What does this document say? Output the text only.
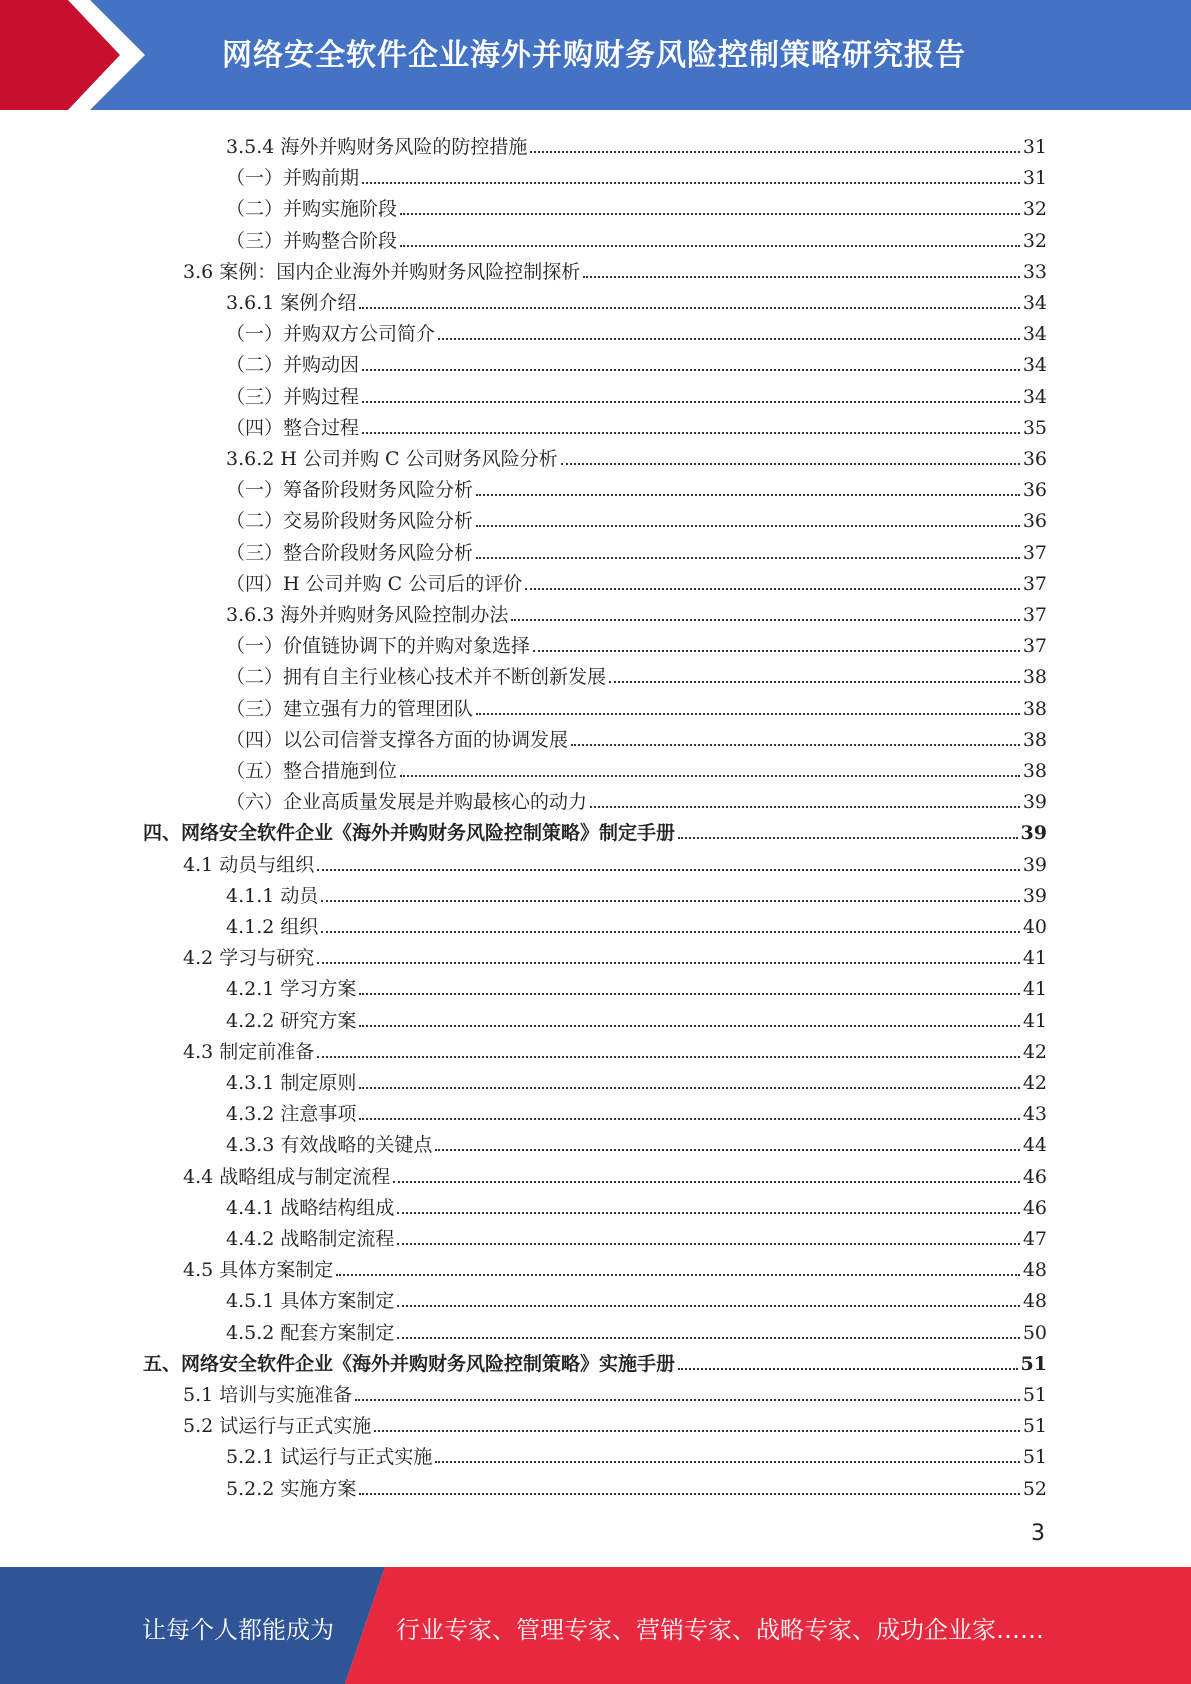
网络安全软件企业海外并购财务风险控制策略研究报告
3.5.4 海外并购财务风险的防控措施	31
（一）并购前期	31
（二）并购实施阶段	32
（三）并购整合阶段	32
3.6 案例：国内企业海外并购财务风险控制探析	33
3.6.1 案例介绍	34
（一）并购双方公司简介	34
（二）并购动因	34
（三）并购过程	34
（四）整合过程	35
3.6.2 H 公司并购 C 公司财务风险分析	36
（一）筹备阶段财务风险分析	36
（二）交易阶段财务风险分析	36
（三）整合阶段财务风险分析	37
（四）H 公司并购 C 公司后的评价	37
3.6.3 海外并购财务风险控制办法	37
（一）价值链协调下的并购对象选择	37
（二）拥有自主行业核心技术并不断创新发展	38
（三）建立强有力的管理团队	38
（四）以公司信誉支撑各方面的协调发展	38
（五）整合措施到位	38
（六）企业高质量发展是并购最核心的动力	39
四、网络安全软件企业《海外并购财务风险控制策略》制定手册	39
4.1 动员与组织	39
4.1.1 动员	39
4.1.2 组织	40
4.2 学习与研究	41
4.2.1 学习方案	41
4.2.2 研究方案	41
4.3 制定前准备	42
4.3.1 制定原则	42
4.3.2 注意事项	43
4.3.3 有效战略的关键点	44
4.4 战略组成与制定流程	46
4.4.1 战略结构组成	46
4.4.2 战略制定流程	47
4.5 具体方案制定	48
4.5.1 具体方案制定	48
4.5.2 配套方案制定	50
五、网络安全软件企业《海外并购财务风险控制策略》实施手册	51
5.1 培训与实施准备	51
5.2 试运行与正式实施	51
5.2.1 试运行与正式实施	51
5.2.2 实施方案	52
3
让每个人都能成为	行业专家、管理专家、营销专家、战略专家、成功企业家……
